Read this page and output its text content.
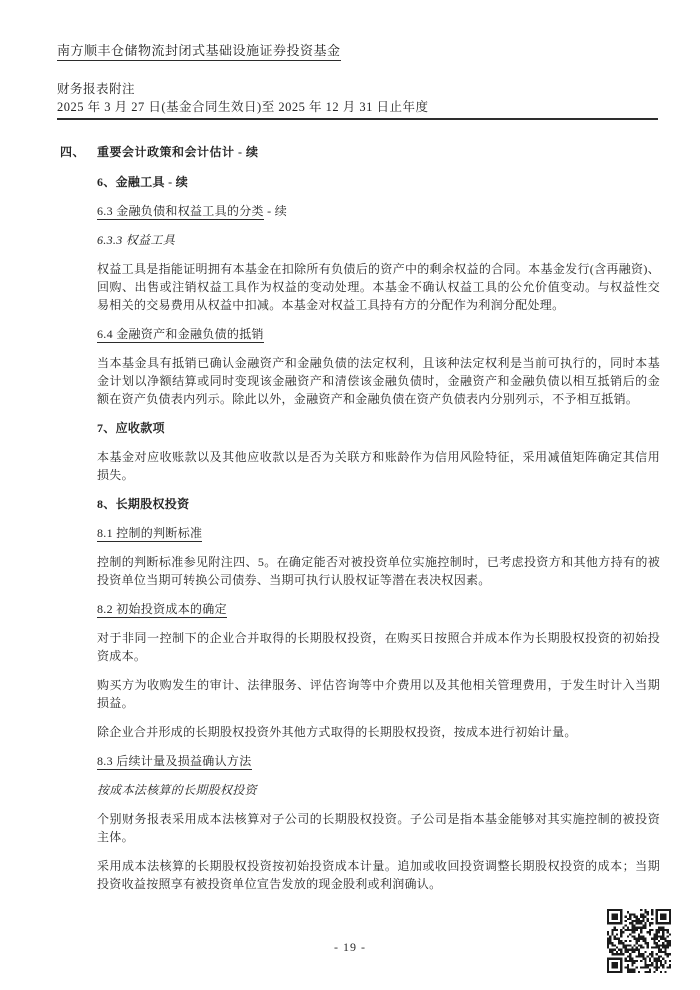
南方顺丰仓储物流封闭式基础设施证券投资基金
财务报表附注
2025 年 3 月 27 日(基金合同生效日)至 2025 年 12 月 31 日止年度
四、 重要会计政策和会计估计 - 续
6、金融工具 - 续
6.3 金融负债和权益工具的分类 - 续
6.3.3 权益工具
权益工具是指能证明拥有本基金在扣除所有负债后的资产中的剩余权益的合同。本基金发行(含再融资)、回购、出售或注销权益工具作为权益的变动处理。本基金不确认权益工具的公允价值变动。与权益性交易相关的交易费用从权益中扣减。本基金对权益工具持有方的分配作为利润分配处理。
6.4 金融资产和金融负债的抵销
当本基金具有抵销已确认金融资产和金融负债的法定权利，且该种法定权利是当前可执行的，同时本基金计划以净额结算或同时变现该金融资产和清偿该金融负债时，金融资产和金融负债以相互抵销后的金额在资产负债表内列示。除此以外，金融资产和金融负债在资产负债表内分别列示，不予相互抵销。
7、应收款项
本基金对应收账款以及其他应收款以是否为关联方和账龄作为信用风险特征，采用减值矩阵确定其信用损失。
8、长期股权投资
8.1 控制的判断标准
控制的判断标准参见附注四、5。在确定能否对被投资单位实施控制时，已考虑投资方和其他方持有的被投资单位当期可转换公司债券、当期可执行认股权证等潜在表决权因素。
8.2 初始投资成本的确定
对于非同一控制下的企业合并取得的长期股权投资，在购买日按照合并成本作为长期股权投资的初始投资成本。
购买方为收购发生的审计、法律服务、评估咨询等中介费用以及其他相关管理费用，于发生时计入当期损益。
除企业合并形成的长期股权投资外其他方式取得的长期股权投资，按成本进行初始计量。
8.3 后续计量及损益确认方法
按成本法核算的长期股权投资
个别财务报表采用成本法核算对子公司的长期股权投资。子公司是指本基金能够对其实施控制的被投资主体。
采用成本法核算的长期股权投资按初始投资成本计量。追加或收回投资调整长期股权投资的成本；当期投资收益按照享有被投资单位宣告发放的现金股利或利润确认。
- 19 -
